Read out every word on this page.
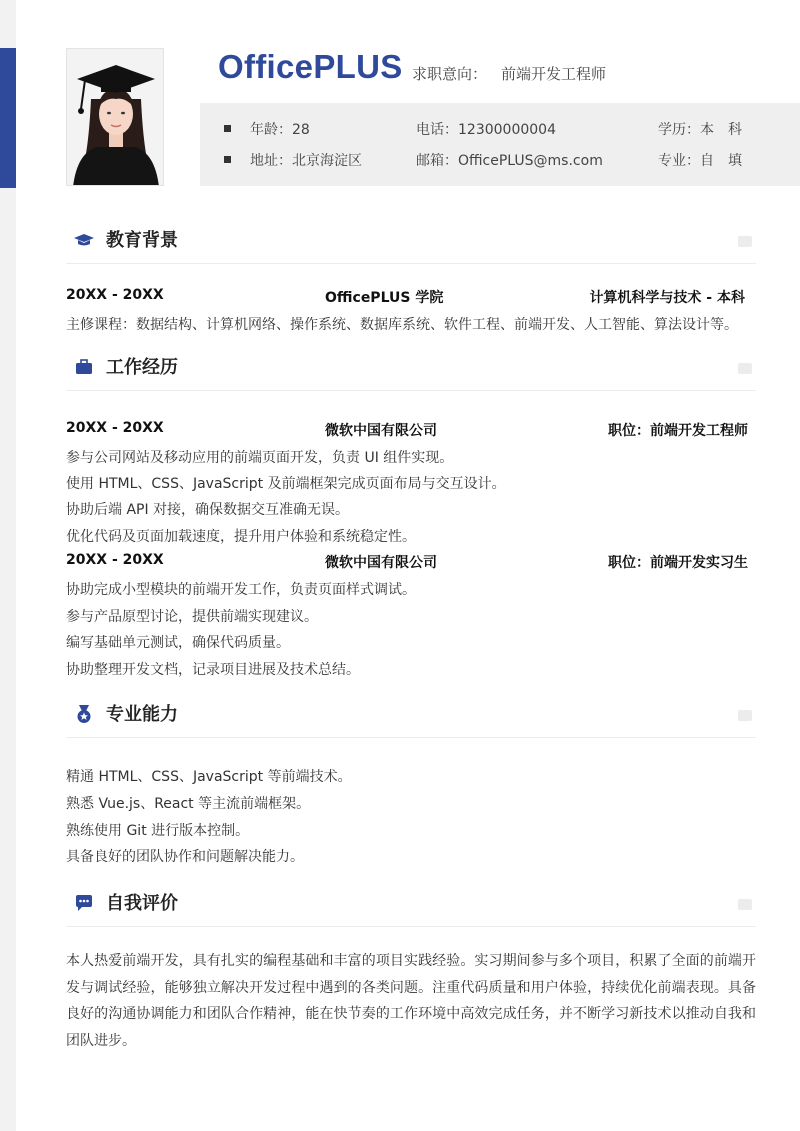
OfficePLUS 求职意向： 前端开发工程师
年龄：28	电话：12300000004	学历：本　科
地址：北京海淀区	邮箱：OfficePLUS@ms.com	专业：自　填
教育背景
20XX - 20XX	OfficePLUS 学院	计算机科学与技术 - 本科
主修课程：数据结构、计算机网络、操作系统、数据库系统、软件工程、前端开发、人工智能、算法设计等。
工作经历
20XX - 20XX	微软中国有限公司	职位：前端开发工程师
参与公司网站及移动应用的前端页面开发，负责 UI 组件实现。
使用 HTML、CSS、JavaScript 及前端框架完成页面布局与交互设计。
协助后端 API 对接，确保数据交互准确无误。
优化代码及页面加载速度，提升用户体验和系统稳定性。
20XX - 20XX	微软中国有限公司	职位：前端开发实习生
协助完成小型模块的前端开发工作，负责页面样式调试。
参与产品原型讨论，提供前端实现建议。
编写基础单元测试，确保代码质量。
协助整理开发文档，记录项目进展及技术总结。
专业能力
精通 HTML、CSS、JavaScript 等前端技术。
熟悉 Vue.js、React 等主流前端框架。
熟练使用 Git 进行版本控制。
具备良好的团队协作和问题解决能力。
自我评价
本人热爱前端开发，具有扎实的编程基础和丰富的项目实践经验。实习期间参与多个项目，积累了全面的前端开发与调试经验，能够独立解决开发过程中遇到的各类问题。注重代码质量和用户体验，持续优化前端表现。具备良好的沟通协调能力和团队合作精神，能在快节奏的工作环境中高效完成任务，并不断学习新技术以推动自我和团队进步。
